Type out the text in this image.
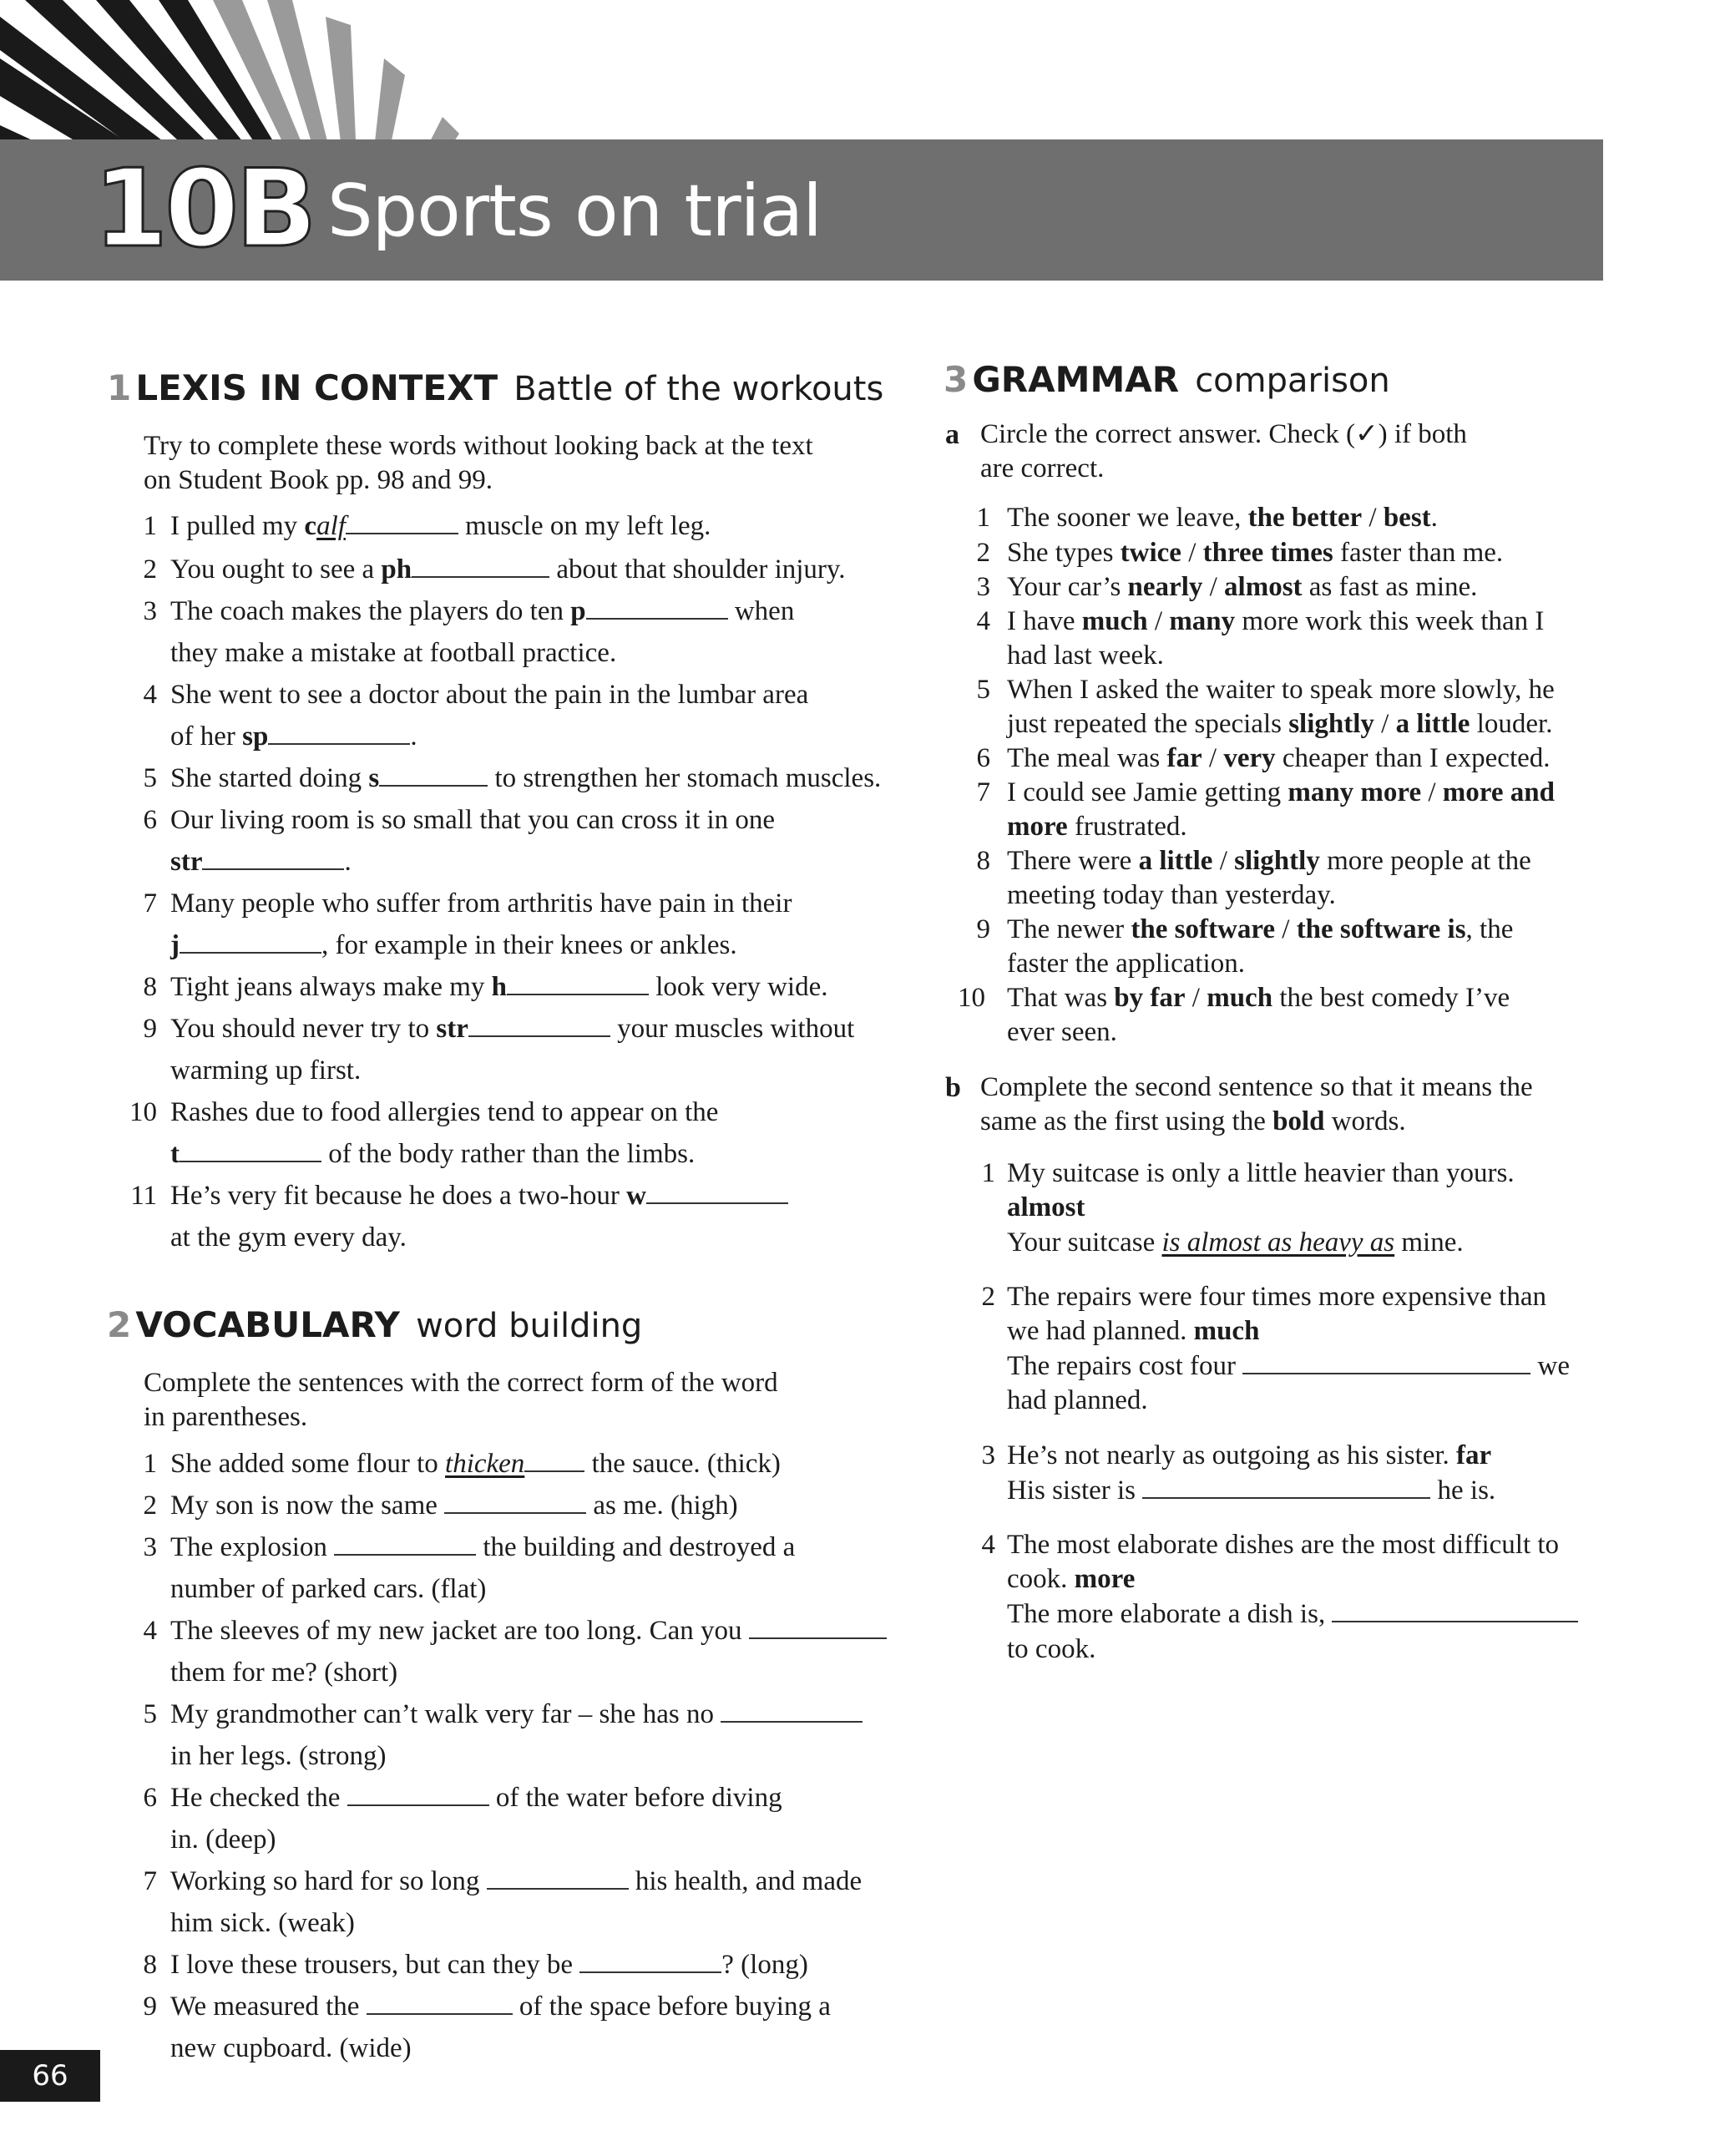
10B Sports on trial
1 LEXIS IN CONTEXT Battle of the workouts
Try to complete these words without looking back at the text
on Student Book pp. 98 and 99.
1 I pulled my calf	muscle on my left leg.
2 You ought to see a ph	about that shoulder injury.
3 The coach makes the players do ten p	when
they make a mistake at football practice.
4 She went to see a doctor about the pain in the lumbar area
of her sp	.
5 She started doing s	to strengthen her stomach muscles.
6 Our living room is so small that you can cross it in one
str	.
7 Many people who suffer from arthritis have pain in their
j	, for example in their knees or ankles.
8 Tight jeans always make my h	look very wide.
9 You should never try to str	your muscles without
warming up first.
10 Rashes due to food allergies tend to appear on the
t	of the body rather than the limbs.
11 He’s very fit because he does a two-hour w
at the gym every day.
2 VOCABULARY word building
Complete the sentences with the correct form of the word
in parentheses.
1 She added some flour to thicken the sauce. (thick)
2 My son is now the same	as me. (high)
3 The explosion	the building and destroyed a
number of parked cars. (flat)
4 The sleeves of my new jacket are too long. Can you
them for me? (short)
5 My grandmother can’t walk very far – she has no
in her legs. (strong)
6 He checked the	of the water before diving
in. (deep)
7 Working so hard for so long	his health, and made
him sick. (weak)
8 I love these trousers, but can they be	? (long)
9 We measured the	of the space before buying a
new cupboard. (wide)
3 GRAMMAR comparison
a Circle the correct answer. Check (✓) if both
are correct.
1 The sooner we leave, the better / best.
2 She types twice / three times faster than me.
3 Your car’s nearly / almost as fast as mine.
4 I have much / many more work this week than I
had last week.
5 When I asked the waiter to speak more slowly, he
just repeated the specials slightly / a little louder.
6 The meal was far / very cheaper than I expected.
7 I could see Jamie getting many more / more and
more frustrated.
8 There were a little / slightly more people at the
meeting today than yesterday.
9 The newer the software / the software is, the
faster the application.
10 That was by far / much the best comedy I’ve
ever seen.
b Complete the second sentence so that it means the
same as the first using the bold words.
1 My suitcase is only a little heavier than yours.
almost
Your suitcase is almost as heavy as mine.
2 The repairs were four times more expensive than
we had planned. much
The repairs cost four	we
had planned.
3 He’s not nearly as outgoing as his sister. far
His sister is	he is.
4 The most elaborate dishes are the most difficult to
cook. more
The more elaborate a dish is,
to cook.
66
